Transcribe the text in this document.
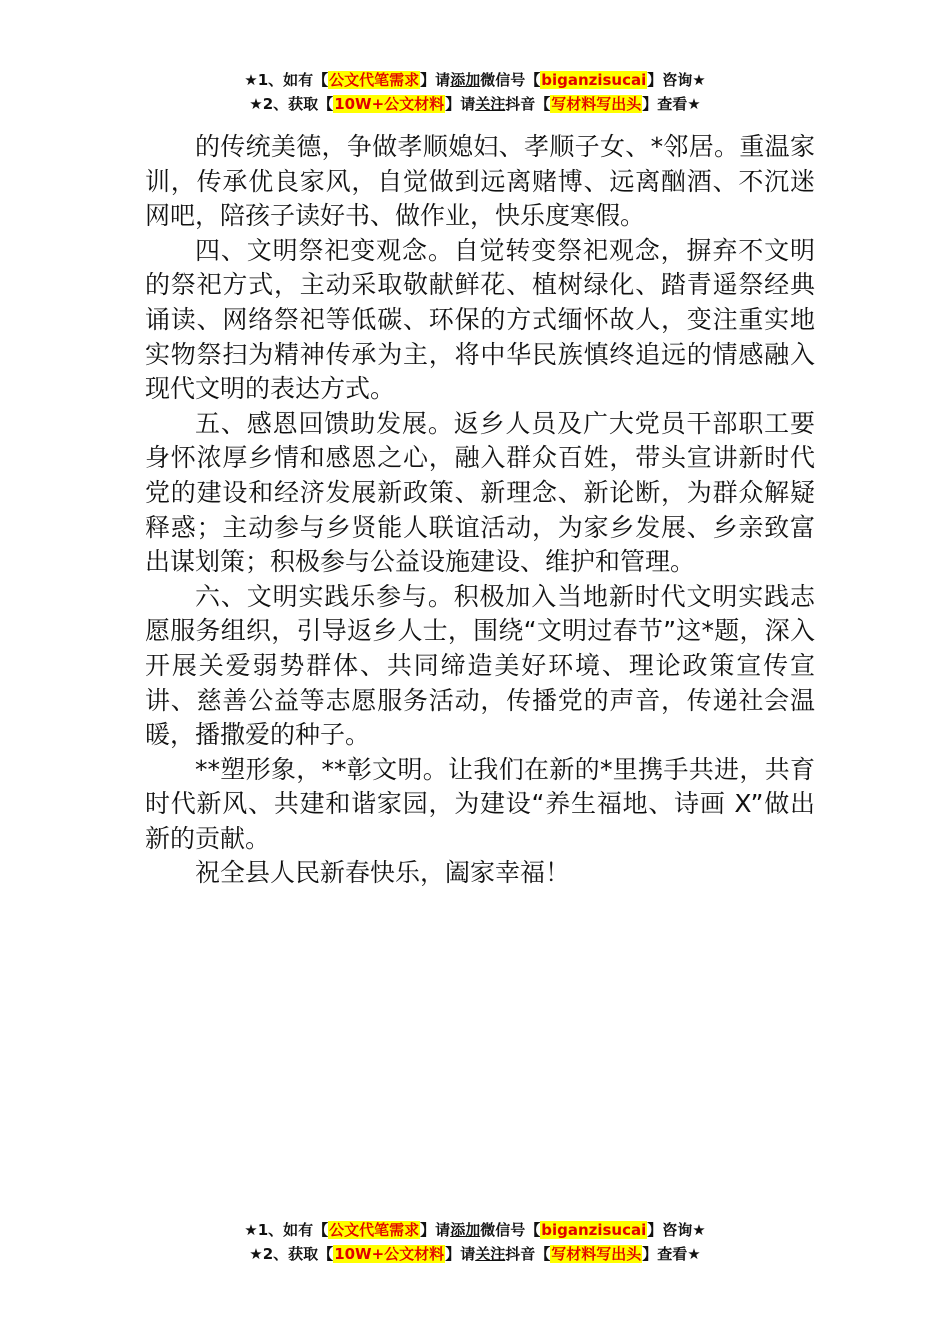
★1、如有【公文代笔需求】请添加微信号【biganzisucai】咨询★
★2、获取【10W+公文材料】请关注抖音【写材料写出头】查看★

的传统美德，争做孝顺媳妇、孝顺子女、*邻居。重温家训，传承优良家风，自觉做到远离赌博、远离酗酒、不沉迷网吧，陪孩子读好书、做作业，快乐度寒假。

四、文明祭祀变观念。自觉转变祭祀观念，摒弃不文明的祭祀方式，主动采取敬献鲜花、植树绿化、踏青遥祭经典诵读、网络祭祀等低碳、环保的方式缅怀故人，变注重实地实物祭扫为精神传承为主，将中华民族慎终追远的情感融入现代文明的表达方式。

五、感恩回馈助发展。返乡人员及广大党员干部职工要身怀浓厚乡情和感恩之心，融入群众百姓，带头宣讲新时代党的建设和经济发展新政策、新理念、新论断，为群众解疑释惑；主动参与乡贤能人联谊活动，为家乡发展、乡亲致富出谋划策；积极参与公益设施建设、维护和管理。

六、文明实践乐参与。积极加入当地新时代文明实践志愿服务组织，引导返乡人士，围绕“文明过春节”这*题，深入开展关爱弱势群体、共同缔造美好环境、理论政策宣传宣讲、慈善公益等志愿服务活动，传播党的声音，传递社会温暖，播撒爱的种子。

**塑形象，**彰文明。让我们在新的*里携手共进，共育时代新风、共建和谐家园，为建设“养生福地、诗画 X”做出新的贡献。

祝全县人民新春快乐，阖家幸福！

★1、如有【公文代笔需求】请添加微信号【biganzisucai】咨询★
★2、获取【10W+公文材料】请关注抖音【写材料写出头】查看★
